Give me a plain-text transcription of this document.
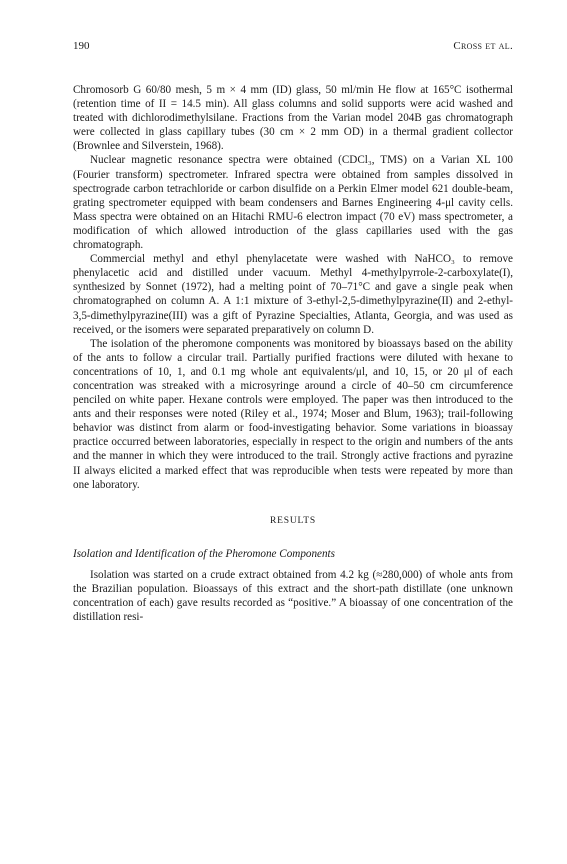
190	Cross et al.

Chromosorb G 60/80 mesh, 5 m × 4 mm (ID) glass, 50 ml/min He flow at 165°C isothermal (retention time of II = 14.5 min). All glass columns and solid supports were acid washed and treated with dichlorodimethylsilane. Fractions from the Varian model 204B gas chromatograph were collected in glass capillary tubes (30 cm × 2 mm OD) in a thermal gradient collector (Brownlee and Silverstein, 1968).

Nuclear magnetic resonance spectra were obtained (CDCl₃, TMS) on a Varian XL 100 (Fourier transform) spectrometer. Infrared spectra were obtained from samples dissolved in spectrograde carbon tetrachloride or carbon disulfide on a Perkin Elmer model 621 double-beam, grating spectrometer equipped with beam condensers and Barnes Engineering 4-μl cavity cells. Mass spectra were obtained on an Hitachi RMU-6 electron impact (70 eV) mass spectrometer, a modification of which allowed introduction of the glass capillaries used with the gas chromatograph.

Commercial methyl and ethyl phenylacetate were washed with NaHCO₃ to remove phenylacetic acid and distilled under vacuum. Methyl 4-methylpyrrole-2-carboxylate(I), synthesized by Sonnet (1972), had a melting point of 70–71°C and gave a single peak when chromatographed on column A. A 1:1 mixture of 3-ethyl-2,5-dimethylpyrazine(II) and 2-ethyl-3,5-dimethylpyrazine(III) was a gift of Pyrazine Specialties, Atlanta, Georgia, and was used as received, or the isomers were separated preparatively on column D.

The isolation of the pheromone components was monitored by bioassays based on the ability of the ants to follow a circular trail. Partially purified fractions were diluted with hexane to concentrations of 10, 1, and 0.1 mg whole ant equivalents/μl, and 10, 15, or 20 μl of each concentration was streaked with a microsyringe around a circle of 40–50 cm circumference penciled on white paper. Hexane controls were employed. The paper was then introduced to the ants and their responses were noted (Riley et al., 1974; Moser and Blum, 1963); trail-following behavior was distinct from alarm or food-investigating behavior. Some variations in bioassay practice occurred between laboratories, especially in respect to the origin and numbers of the ants and the manner in which they were introduced to the trail. Strongly active fractions and pyrazine II always elicited a marked effect that was reproducible when tests were repeated by more than one laboratory.

RESULTS
Isolation and Identification of the Pheromone Components

Isolation was started on a crude extract obtained from 4.2 kg (≈280,000) of whole ants from the Brazilian population. Bioassays of this extract and the short-path distillate (one unknown concentration of each) gave results recorded as “positive.” A bioassay of one concentration of the distillation resi-
